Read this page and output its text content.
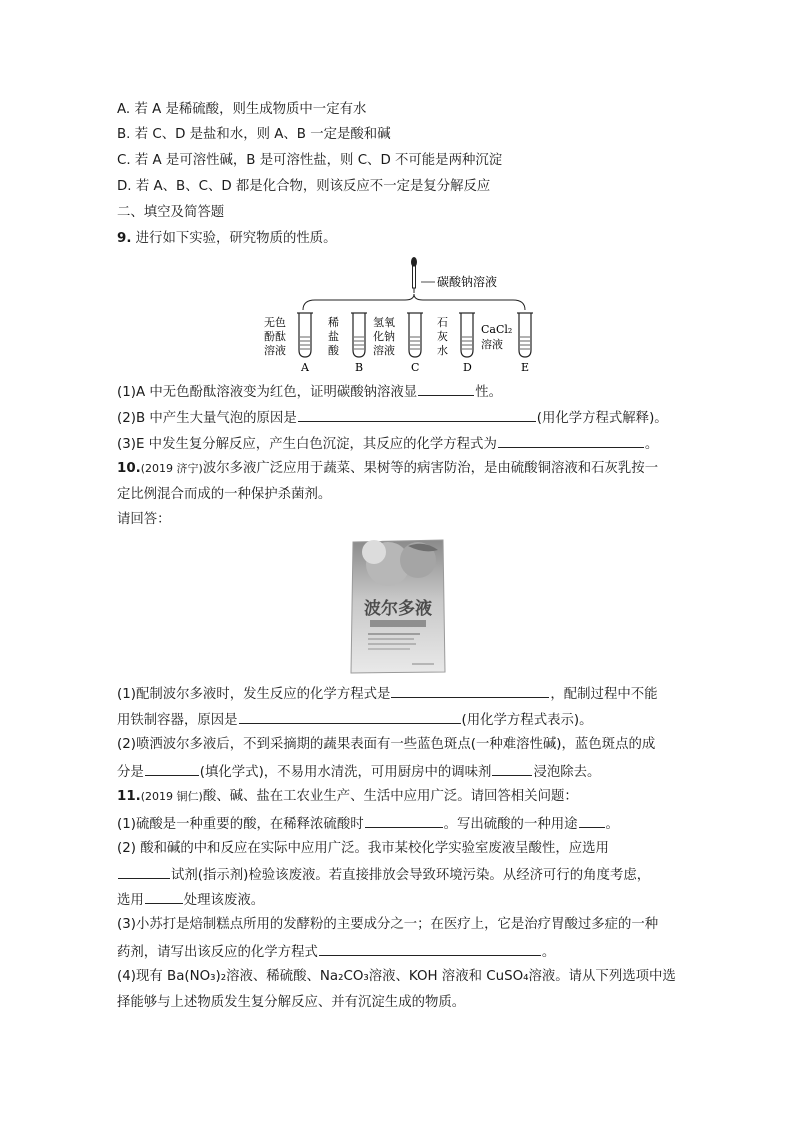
A. 若 A 是稀硫酸，则生成物质中一定有水
B. 若 C、D 是盐和水，则 A、B 一定是酸和碱
C. 若 A 是可溶性碱，B 是可溶性盐，则 C、D 不可能是两种沉淀
D. 若 A、B、C、D 都是化合物，则该反应不一定是复分解反应
二、填空及简答题
9. 进行如下实验，研究物质的性质。
碳酸钠溶液
无色
酚酞
溶液
A
稀
盐
酸
B
氢氧
化钠
溶液
C
石
灰
水
D
CaCl₂
溶液
E
(1)A 中无色酚酞溶液变为红色，证明碳酸钠溶液显	性。
(2)B 中产生大量气泡的原因是	(用化学方程式解释)。
(3)E 中发生复分解反应，产生白色沉淀，其反应的化学方程式为	。
10.(2019 济宁)波尔多液广泛应用于蔬菜、果树等的病害防治，是由硫酸铜溶液和石灰乳按一
定比例混合而成的一种保护杀菌剂。
请回答：
波尔多液
(1)配制波尔多液时，发生反应的化学方程式是	，配制过程中不能
用铁制容器，原因是	(用化学方程式表示)。
(2)喷洒波尔多液后，不到采摘期的蔬果表面有一些蓝色斑点(一种难溶性碱)，蓝色斑点的成
分是	(填化学式)，不易用水清洗，可用厨房中的调味剂	浸泡除去。
11.(2019 铜仁)酸、碱、盐在工农业生产、生活中应用广泛。请回答相关问题：
(1)硫酸是一种重要的酸，在稀释浓硫酸时	。写出硫酸的一种用途 。
(2) 酸和碱的中和反应在实际中应用广泛。我市某校化学实验室废液呈酸性，应选用
试剂(指示剂)检验该废液。若直接排放会导致环境污染。从经济可行的角度考虑，
选用	处理该废液。
(3)小苏打是焙制糕点所用的发酵粉的主要成分之一；在医疗上，它是治疗胃酸过多症的一种
药剂，请写出该反应的化学方程式	。
(4)现有 Ba(NO₃)₂溶液、稀硫酸、Na₂CO₃溶液、KOH 溶液和 CuSO₄溶液。请从下列选项中选
择能够与上述物质发生复分解反应、并有沉淀生成的物质。
